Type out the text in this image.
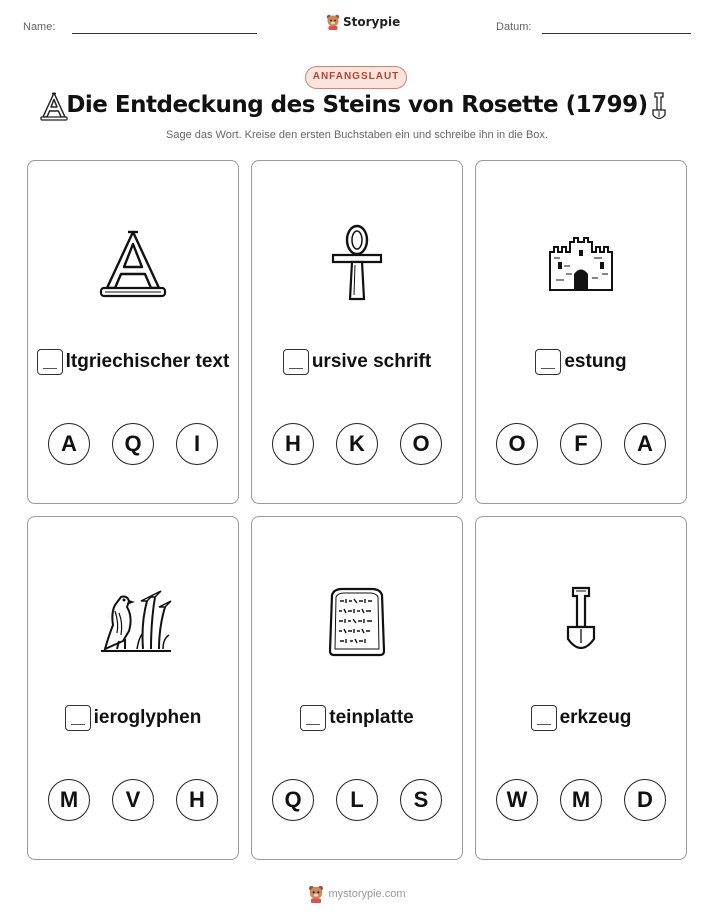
Name:	Storypie	Datum:
ANFANGSLAUT
Die Entdeckung des Steins von Rosette (1799)
Sage das Wort. Kreise den ersten Buchstaben ein und schreibe ihn in die Box.
ltgriechischer text
A	Q	I
ursive schrift
H	K	O
estung
O	F	A
ieroglyphen
M	V	H
teinplatte
Q	L	S
erkzeug
W	M	D
mystorypie.com
